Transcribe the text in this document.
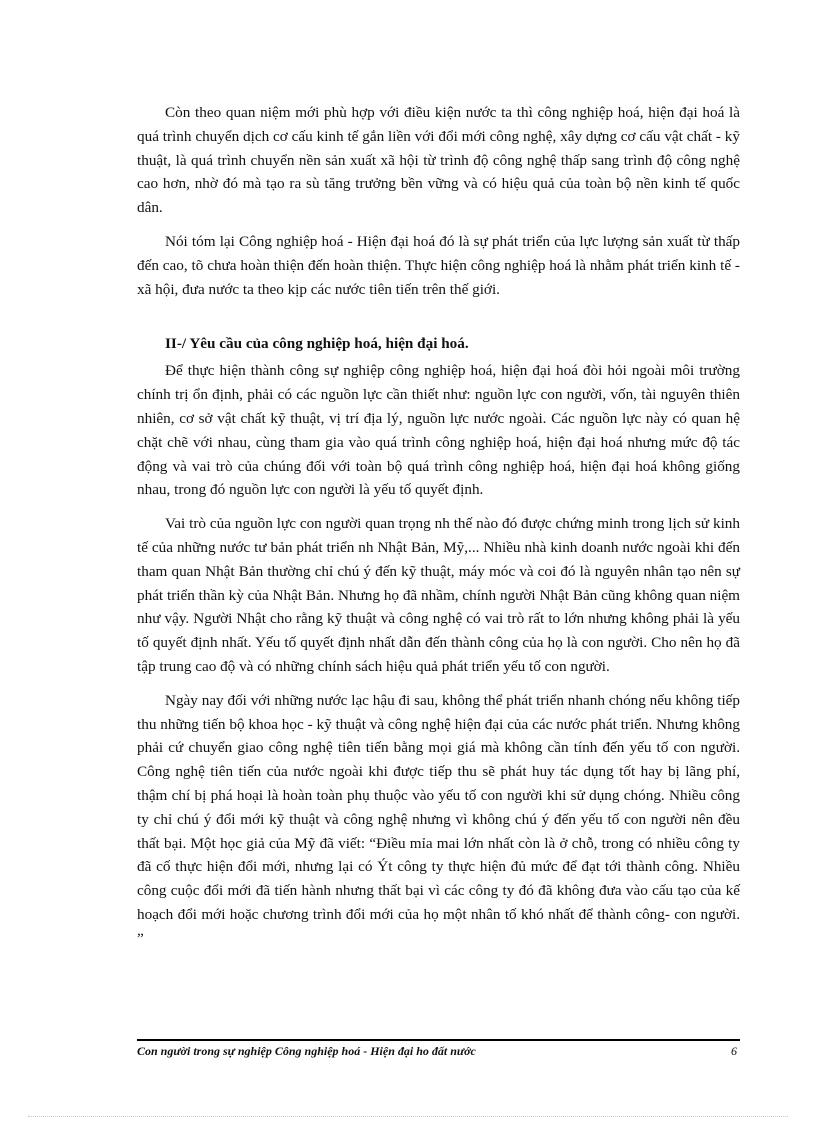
Còn theo quan niệm mới phù hợp với điều kiện nước ta thì công nghiệp hoá, hiện đại hoá là quá trình chuyển dịch cơ cấu kinh tế gắn liền với đổi mới công nghệ, xây dựng cơ cấu vật chất - kỹ thuật, là quá trình chuyển nền sản xuất xã hội từ trình độ công nghệ thấp sang trình độ công nghệ cao hơn, nhờ đó mà tạo ra sù tăng trưởng bền vững và có hiệu quả của toàn bộ nền kinh tế quốc dân.

Nói tóm lại Công nghiệp hoá - Hiện đại hoá đó là sự phát triển của lực lượng sản xuất từ thấp đến cao, tõ chưa hoàn thiện đến hoàn thiện. Thực hiện công nghiệp hoá là nhằm phát triển kinh tế - xã hội, đưa nước ta theo kịp các nước tiên tiến trên thế giới.

II-/ Yêu cầu của công nghiệp hoá, hiện đại hoá.

Để thực hiện thành công sự nghiệp công nghiệp hoá, hiện đại hoá đòi hỏi ngoài môi trường chính trị ổn định, phải có các nguồn lực cần thiết như: nguồn lực con người, vốn, tài nguyên thiên nhiên, cơ sở vật chất kỹ thuật, vị trí địa lý, nguồn lực nước ngoài. Các nguồn lực này có quan hệ chặt chẽ với nhau, cùng tham gia vào quá trình công nghiệp hoá, hiện đại hoá nhưng mức độ tác động và vai trò của chúng đối với toàn bộ quá trình công nghiệp hoá, hiện đại hoá không giống nhau, trong đó nguồn lực con người là yếu tố quyết định.

Vai trò của nguồn lực con người quan trọng nh thế nào đó được chứng minh trong lịch sử kinh tế của những nước tư bản phát triển nh Nhật Bản, Mỹ,... Nhiều nhà kinh doanh nước ngoài khi đến tham quan Nhật Bản thường chỉ chú ý đến kỹ thuật, máy móc và coi đó là nguyên nhân tạo nên sự phát triển thần kỳ của Nhật Bản. Nhưng họ đã nhầm, chính người Nhật Bản cũng không quan niệm như vậy. Người Nhật cho rằng kỹ thuật và công nghệ có vai trò rất to lớn nhưng không phải là yếu tố quyết định nhất. Yếu tố quyết định nhất dẫn đến thành công của họ là con người. Cho nên họ đã tập trung cao độ và có những chính sách hiệu quả phát triển yếu tố con người.

Ngày nay đối với những nước lạc hậu đi sau, không thể phát triển nhanh chóng nếu không tiếp thu những tiến bộ khoa học - kỹ thuật và công nghệ hiện đại của các nước phát triển. Nhưng không phải cứ chuyển giao công nghệ tiên tiến bằng mọi giá mà không cần tính đến yếu tố con người. Công nghệ tiên tiến của nước ngoài khi được tiếp thu sẽ phát huy tác dụng tốt hay bị lãng phí, thậm chí bị phá hoại là hoàn toàn phụ thuộc vào yếu tố con người khi sử dụng chóng. Nhiều công ty chỉ chú ý đổi mới kỹ thuật và công nghệ nhưng vì không chú ý đến yếu tố con người nên đều thất bại. Một học giả của Mỹ đã viết: “Điều mỉa mai lớn nhất còn là ở chỗ, trong có nhiều công ty đã cố thực hiện đổi mới, nhưng lại có Ýt công ty thực hiện đủ mức để đạt tới thành công. Nhiều công cuộc đổi mới đã tiến hành nhưng thất bại vì các công ty đó đã không đưa vào cấu tạo của kế hoạch đổi mới hoặc chương trình đổi mới của họ một nhân tố khó nhất để thành công- con người. ”

Con người trong sự nghiệp Công nghiệp hoá - Hiện đại ho đất nước	6
